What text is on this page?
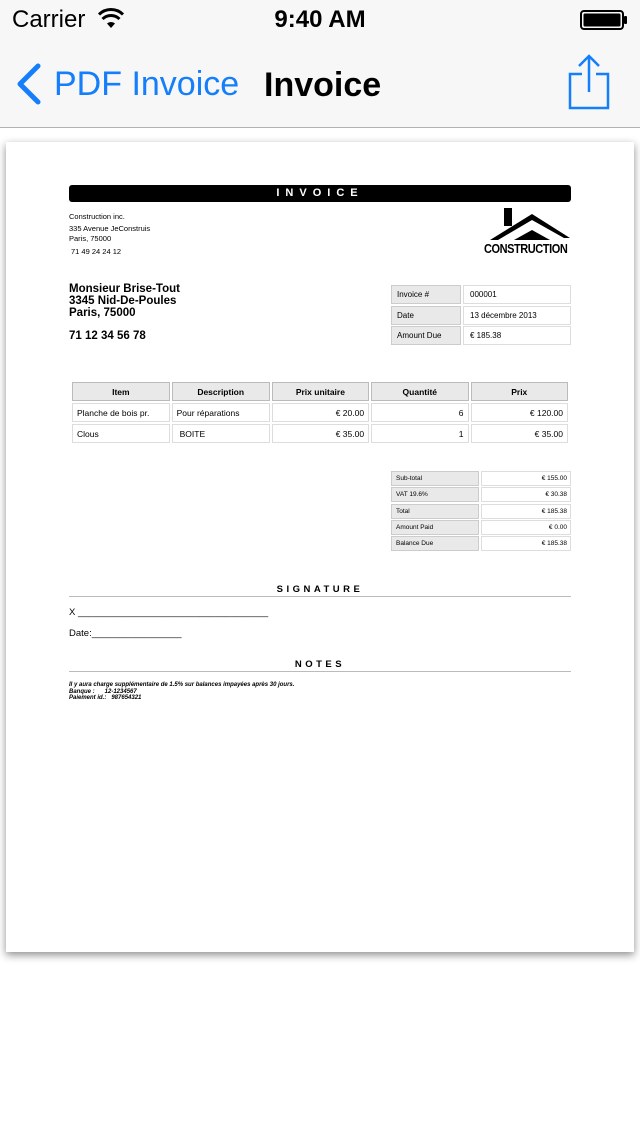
Carrier	9:40 AM
PDF Invoice Invoice
INVOICE
Construction inc.
335 Avenue JeConstruis
Paris, 75000
71 49 24 24 12	CONSTRUCTION
Monsieur Brise-Tout
3345 Nid-De-Poules
Paris, 75000
71 12 34 56 78
Invoice #	000001
Date	13 décembre 2013
Amount Due	€ 185.38
Item	Description	Prix unitaire	Quantité	Prix
Planche de bois pr.	Pour réparations	€ 20.00	6	€ 120.00
Clous	BOITE	€ 35.00	1	€ 35.00
Sub-total	€ 155.00
VAT 19.6%	€ 30.38
Total	€ 185.38
Amount Paid	€ 0.00
Balance Due	€ 185.38
SIGNATURE
X ____________________________________
Date:_________________
NOTES
Il y aura charge supplémentaire de 1.5% sur balances impayées après 30 jours.
Banque :      12-1234567
Paiement id.:   987654321
